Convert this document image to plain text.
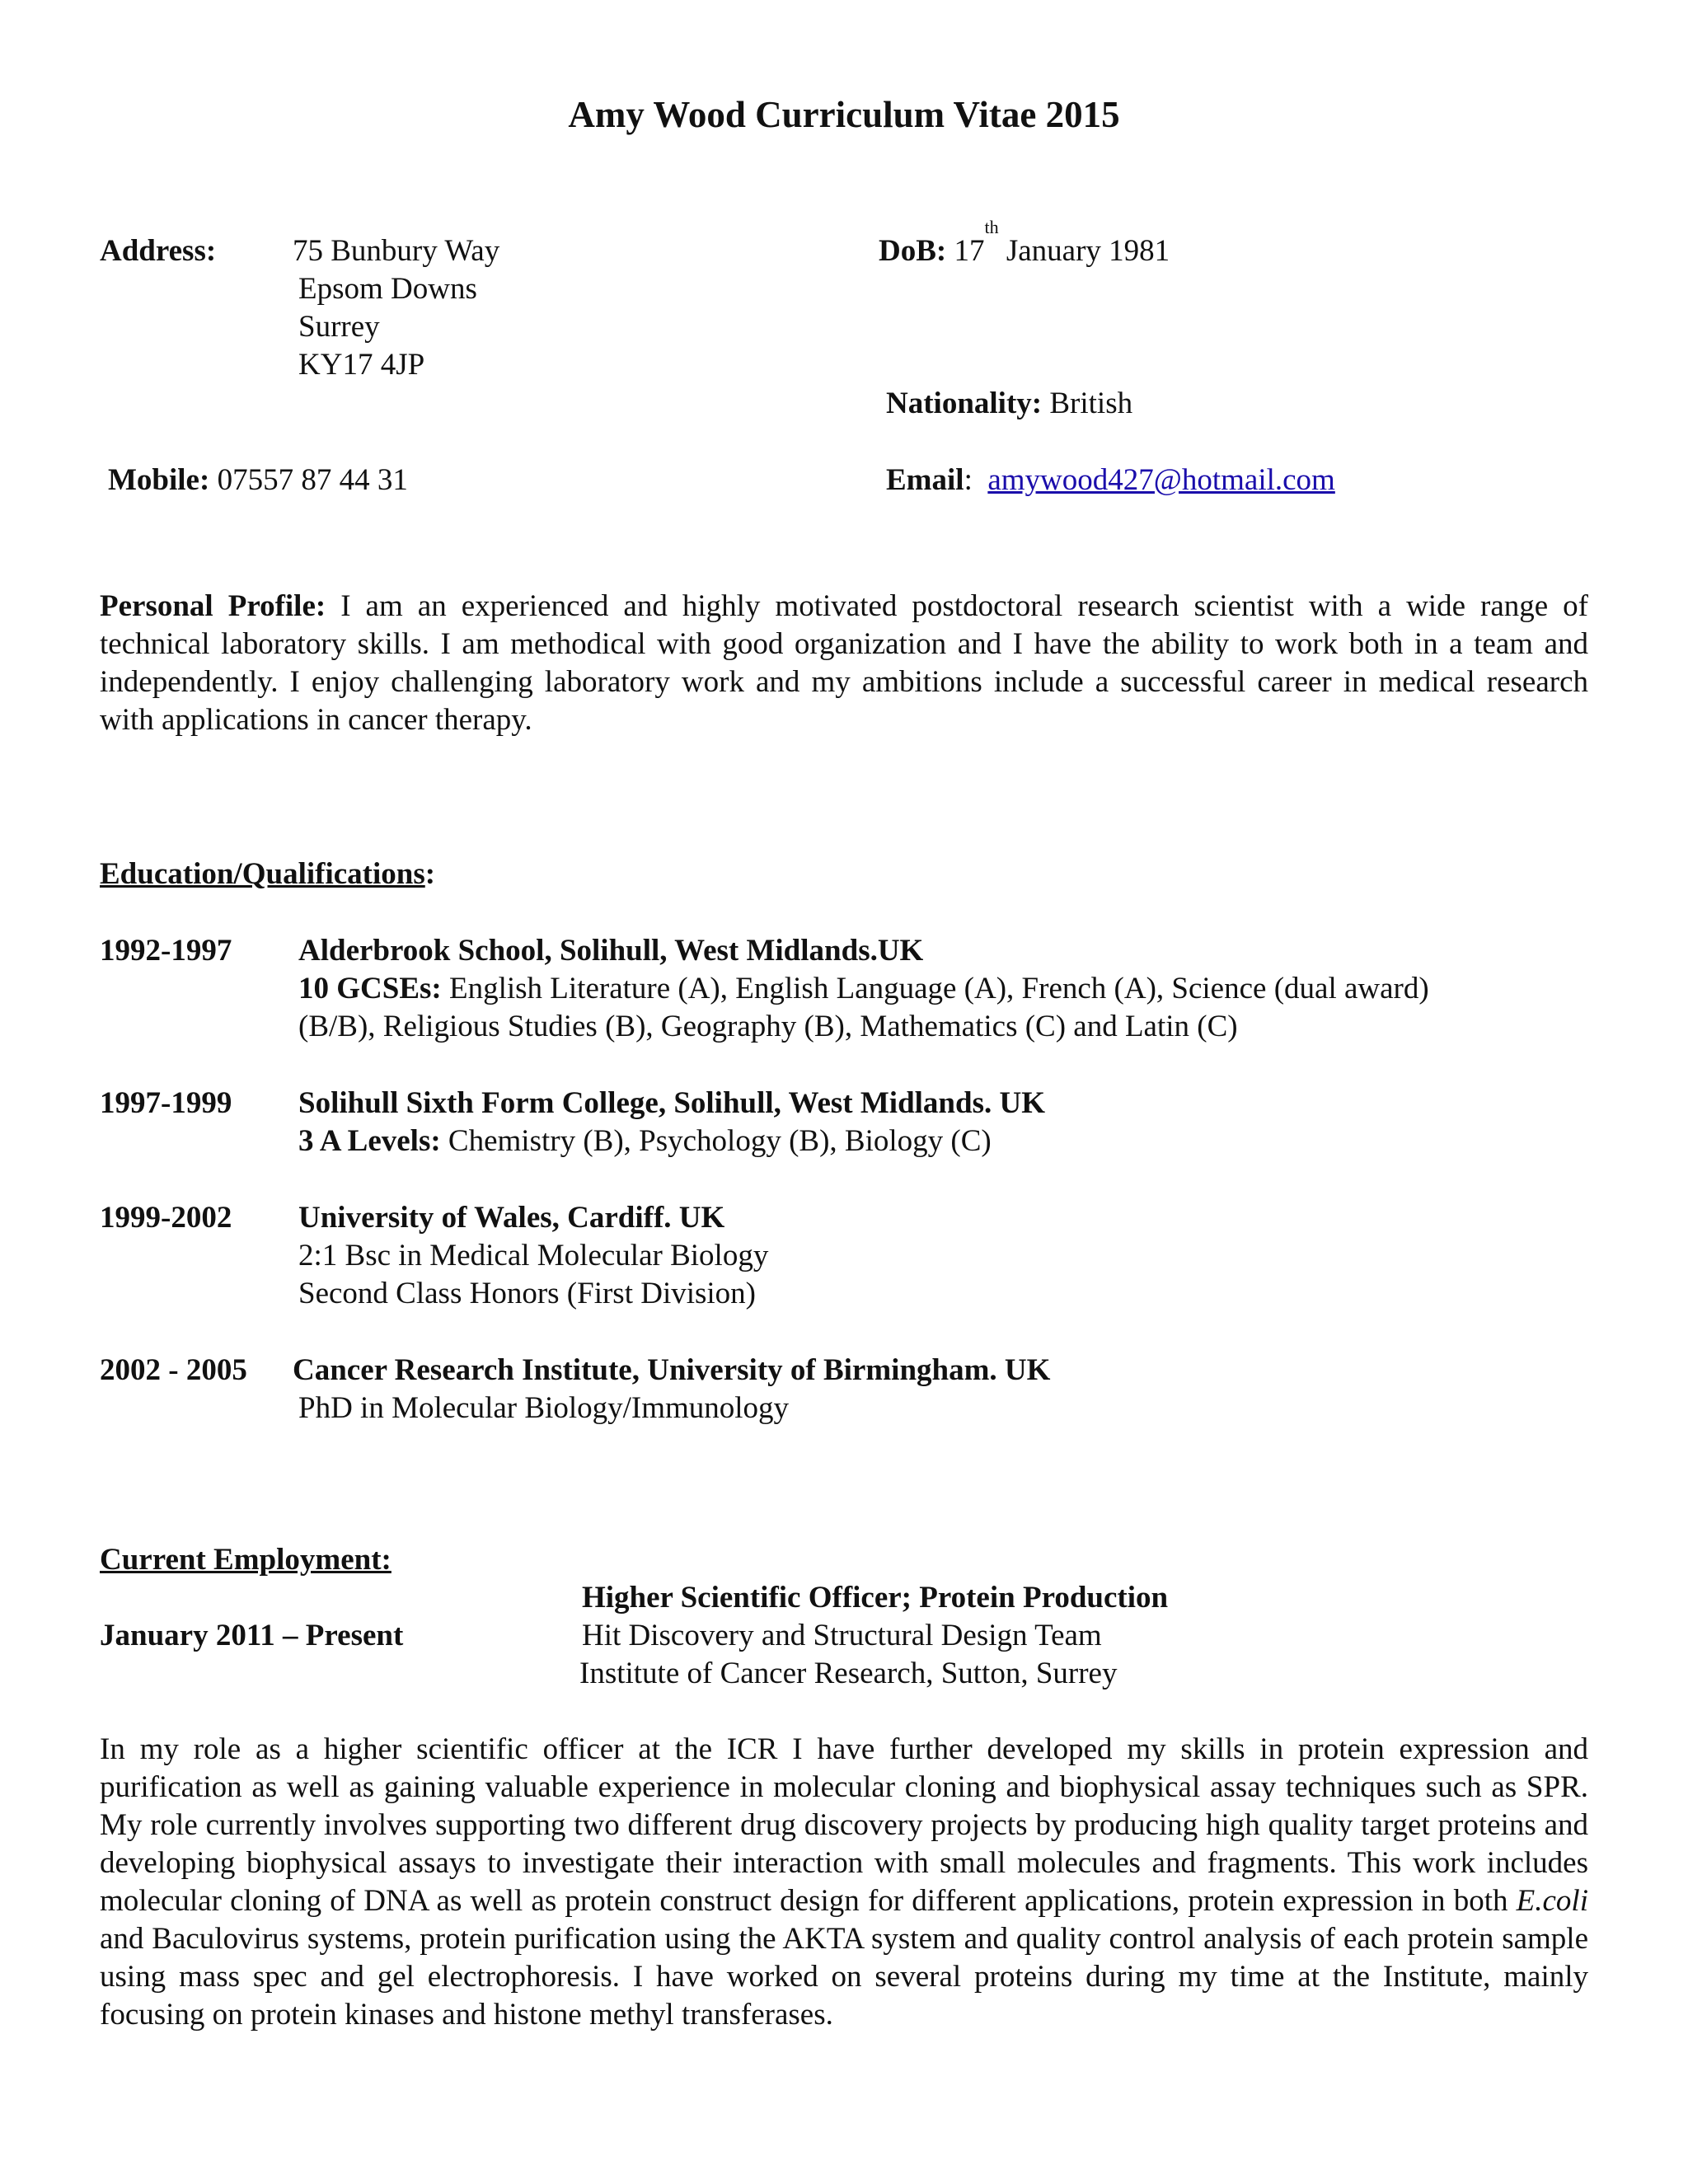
Amy Wood Curriculum Vitae 2015
Address:	75 Bunbury Way
Epsom Downs
Surrey
KY17 4JP
DoB: 17th January 1981
Nationality: British
Mobile: 07557 87 44 31	Email:  amywood427@hotmail.com
Personal Profile: I am an experienced and highly motivated postdoctoral research scientist with a wide range of technical laboratory skills. I am methodical with good organization and I have the ability to work both in a team and independently. I enjoy challenging laboratory work and my ambitions include a successful career in medical research with applications in cancer therapy.
Education/Qualifications:
1992-1997 Alderbrook School, Solihull, West Midlands.UK
10 GCSEs: English Literature (A), English Language (A), French (A), Science (dual award)
(B/B), Religious Studies (B), Geography (B), Mathematics (C) and Latin (C)
1997-1999 Solihull Sixth Form College, Solihull, West Midlands. UK
3 A Levels: Chemistry (B), Psychology (B), Biology (C)
1999-2002 University of Wales, Cardiff. UK
2:1 Bsc in Medical Molecular Biology
Second Class Honors (First Division)
2002 - 2005 Cancer Research Institute, University of Birmingham. UK
PhD in Molecular Biology/Immunology
Current Employment:
Higher Scientific Officer; Protein Production
January 2011 – Present	Hit Discovery and Structural Design Team
Institute of Cancer Research, Sutton, Surrey
In my role as a higher scientific officer at the ICR I have further developed my skills in protein expression and purification as well as gaining valuable experience in molecular cloning and biophysical assay techniques such as SPR. My role currently involves supporting two different drug discovery projects by producing high quality target proteins and developing biophysical assays to investigate their interaction with small molecules and fragments. This work includes molecular cloning of DNA as well as protein construct design for different applications, protein expression in both E.coli and Baculovirus systems, protein purification using the AKTA system and quality control analysis of each protein sample using mass spec and gel electrophoresis. I have worked on several proteins during my time at the Institute, mainly focusing on protein kinases and histone methyl transferases.
